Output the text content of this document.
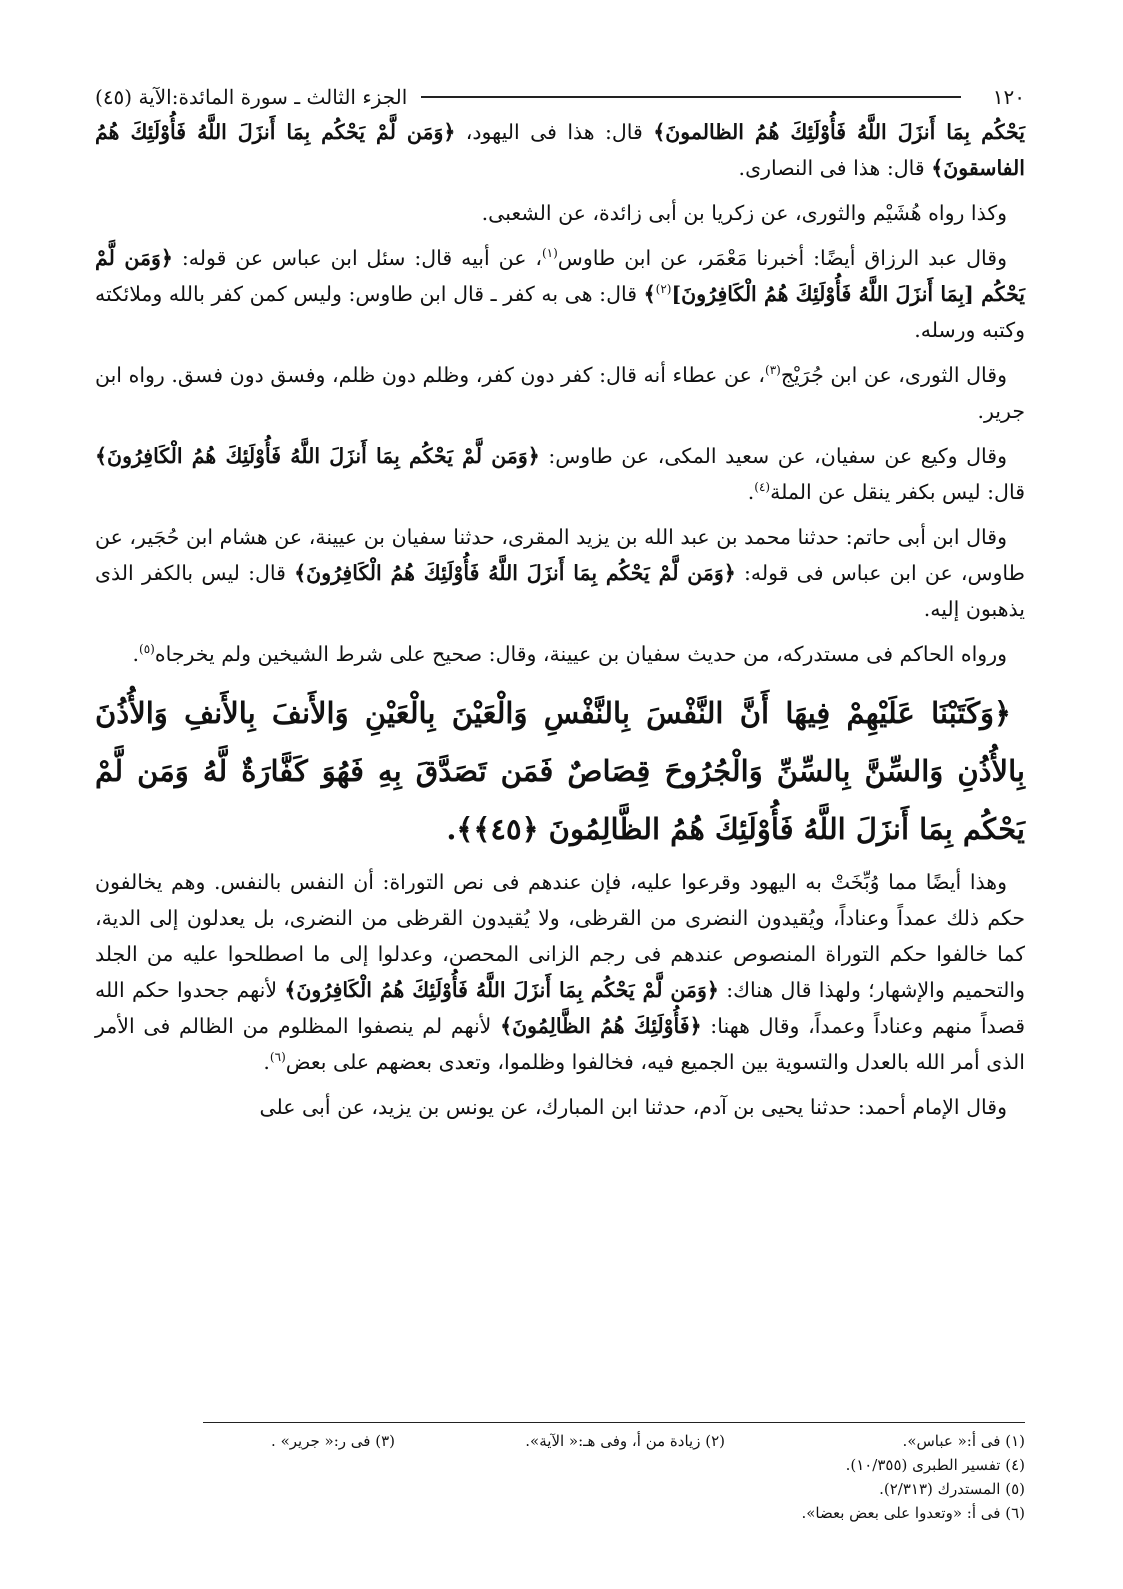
١٢٠
الجزء الثالث ـ سورة المائدة:الآية (٤٥)

يَحْكُم بِمَا أَنزَلَ اللَّهُ فَأُوْلَئِكَ هُمُ الظالمونَ﴾ قال: هذا فى اليهود، ﴿وَمَن لَّمْ يَحْكُم بِمَا أَنزَلَ اللَّهُ فَأُوْلَئِكَ هُمُ الفاسقونَ﴾ قال: هذا فى النصارى.

وكذا رواه هُشَيْم والثورى، عن زكريا بن أبى زائدة، عن الشعبى.

وقال عبد الرزاق أيضًا: أخبرنا مَعْمَر، عن ابن طاوس$^{(١)}$، عن أبيه قال: سئل ابن عباس عن قوله: ﴿وَمَن لَّمْ يَحْكُم [بِمَا أَنزَلَ اللَّهُ فَأُوْلَئِكَ هُمُ الْكَافِرُونَ]$^{(٢)}$﴾ قال: هى به كفر ـ قال ابن طاوس: وليس كمن كفر بالله وملائكته وكتبه ورسله.

وقال الثورى، عن ابن جُرَيْج$^{(٣)}$، عن عطاء أنه قال: كفر دون كفر، وظلم دون ظلم، وفسق دون فسق. رواه ابن جرير.

وقال وكيع عن سفيان، عن سعيد المكى، عن طاوس: ﴿وَمَن لَّمْ يَحْكُم بِمَا أَنزَلَ اللَّهُ فَأُوْلَئِكَ هُمُ الْكَافِرُونَ﴾ قال: ليس بكفر ينقل عن الملة$^{(٤)}$.

وقال ابن أبى حاتم: حدثنا محمد بن عبد الله بن يزيد المقرى، حدثنا سفيان بن عيينة، عن هشام ابن حُجَير، عن طاوس، عن ابن عباس فى قوله: ﴿وَمَن لَّمْ يَحْكُم بِمَا أَنزَلَ اللَّهُ فَأُوْلَئِكَ هُمُ الْكَافِرُونَ﴾ قال: ليس بالكفر الذى يذهبون إليه.

ورواه الحاكم فى مستدركه، من حديث سفيان بن عيينة، وقال: صحيح على شرط الشيخين ولم يخرجاه$^{(٥)}$.

﴿وَكَتَبْنَا عَلَيْهِمْ فِيهَا أَنَّ النَّفْسَ بِالنَّفْسِ وَالْعَيْنَ بِالْعَيْنِ وَالأَنفَ بِالأَنفِ وَالأُذُنَ بِالأُذُنِ وَالسِّنَّ بِالسِّنِّ وَالْجُرُوحَ قِصَاصٌ فَمَن تَصَدَّقَ بِهِ فَهُوَ كَفَّارَةٌ لَّهُ وَمَن لَّمْ يَحْكُم بِمَا أَنزَلَ اللَّهُ فَأُوْلَئِكَ هُمُ الظَّالِمُونَ ﴿٤٥﴾﴾.

وهذا أيضًا مما وُبِّخَتْ به اليهود وقرعوا عليه، فإن عندهم فى نص التوراة: أن النفس بالنفس. وهم يخالفون حكم ذلك عمداً وعناداً، ويُقيدون النضرى من القرظى، ولا يُقيدون القرظى من النضرى، بل يعدلون إلى الدية، كما خالفوا حكم التوراة المنصوص عندهم فى رجم الزانى المحصن، وعدلوا إلى ما اصطلحوا عليه من الجلد والتحميم والإشهار؛ ولهذا قال هناك: ﴿وَمَن لَّمْ يَحْكُم بِمَا أَنزَلَ اللَّهُ فَأُوْلَئِكَ هُمُ الْكَافِرُونَ﴾ لأنهم جحدوا حكم الله قصداً منهم وعناداً وعمداً، وقال ههنا: ﴿فَأُوْلَئِكَ هُمُ الظَّالِمُونَ﴾ لأنهم لم ينصفوا المظلوم من الظالم فى الأمر الذى أمر الله بالعدل والتسوية بين الجميع فيه، فخالفوا وظلموا، وتعدى بعضهم على بعض$^{(٦)}$.

وقال الإمام أحمد: حدثنا يحيى بن آدم، حدثنا ابن المبارك، عن يونس بن يزيد، عن أبى على

(١) فى أ:« عباس».
(٢) زيادة من أ، وفى هـ:« الآية».
(٣) فى ر:« جرير» .
(٤) تفسير الطبرى (١٠/٣٥٥).
(٥) المستدرك (٢/٣١٣).
(٦) فى أ: «وتعدوا على بعض بعضا».
